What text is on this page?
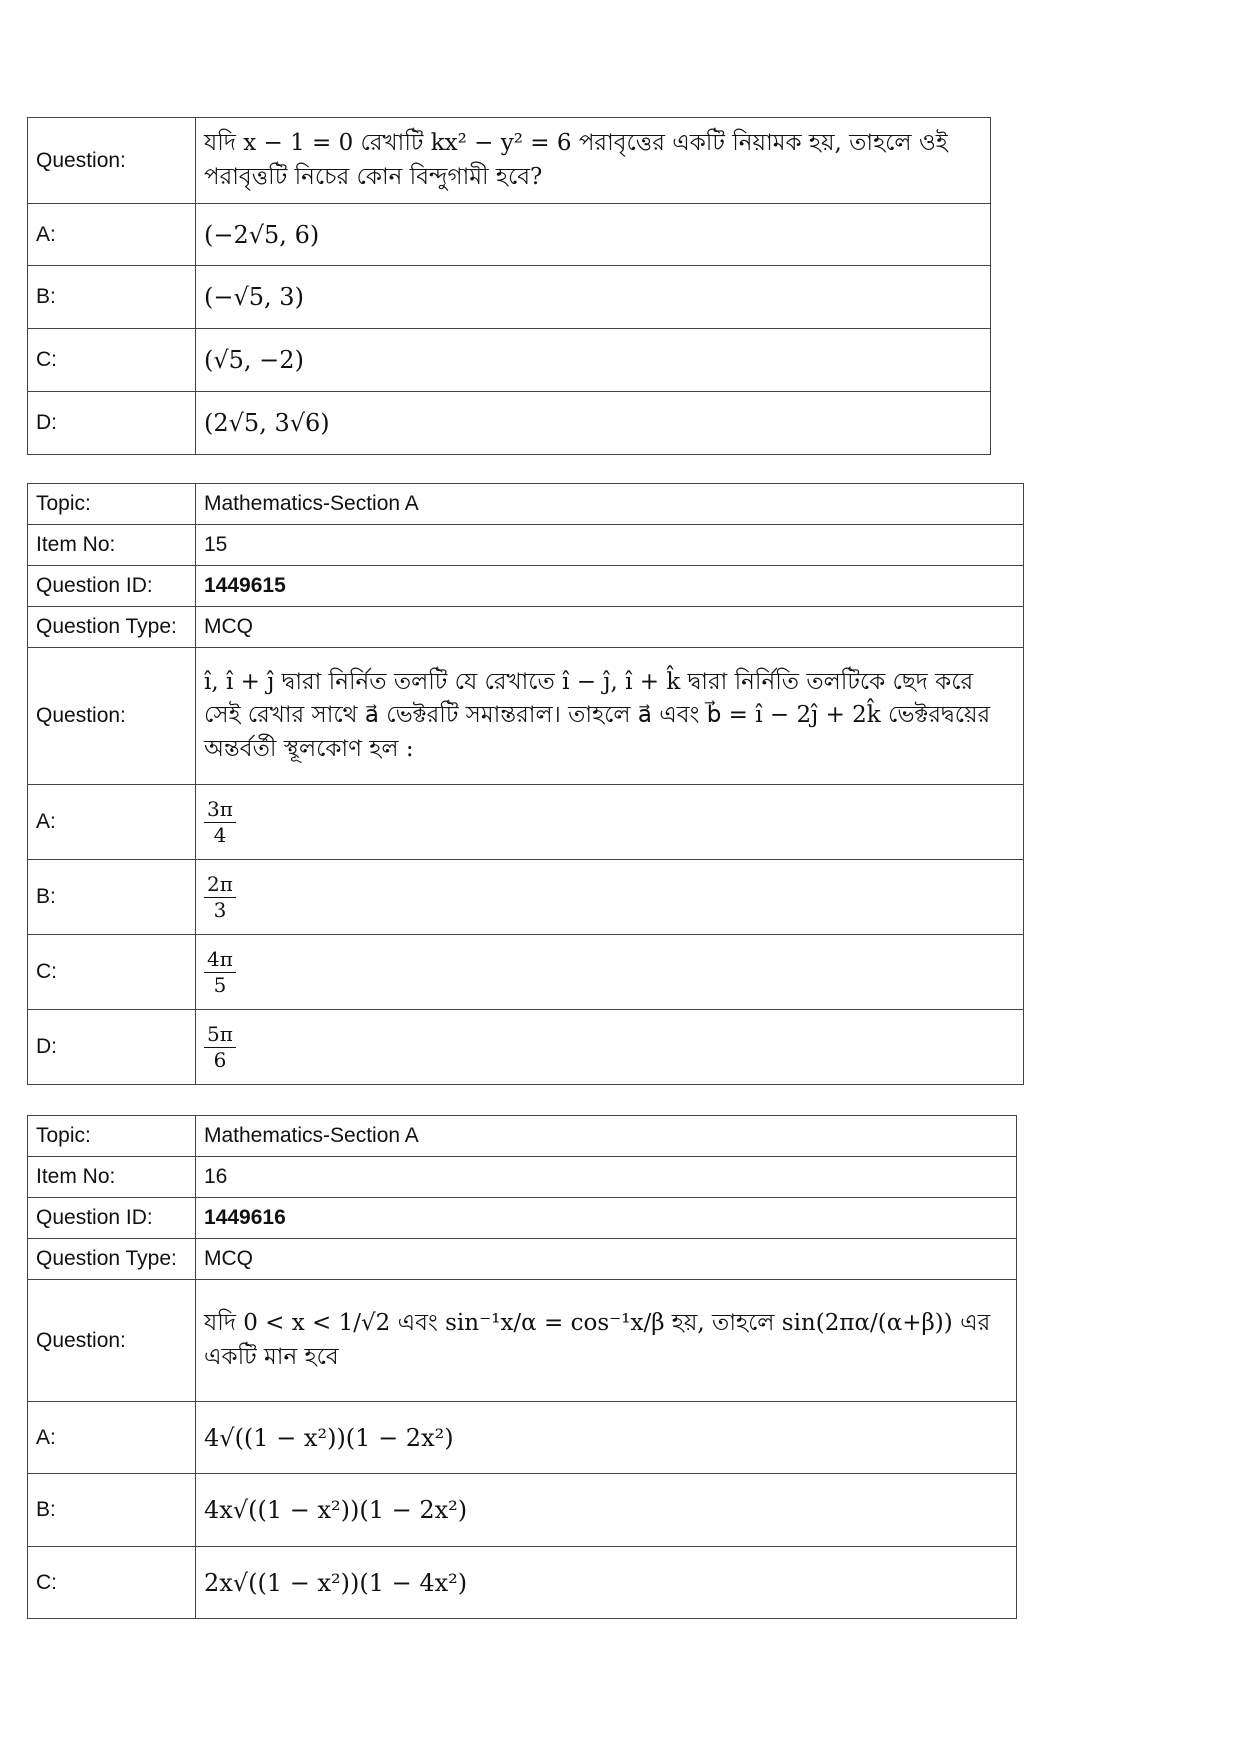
Question:	যদি x − 1 = 0 রেখাটি kx² − y² = 6 পরাবৃত্তের একটি নিয়ামক হয়, তাহলে ওই পরাবৃত্তটি নিচের কোন বিন্দুগামী হবে?
A:	(−2√5, 6)
B:	(−√5, 3)
C:	(√5, −2)
D:	(2√5, 3√6)
Topic:	Mathematics-Section A
Item No:	15
Question ID:	1449615
Question Type:	MCQ
Question:	î, î + ĵ দ্বারা নির্নিত তলটি যে রেখাতে î − ĵ, î + k̂ দ্বারা নির্নিতি তলটিকে ছেদ করে সেই রেখার সাথে a⃗ ভেক্টরটি সমান্তরাল। তাহলে a⃗ এবং b⃗ = î − 2ĵ + 2k̂ ভেক্টরদ্বয়ের অন্তর্বর্তী স্থূলকোণ হল :
A:	$\frac{3\pi}{4}$

B:	$\frac{2\pi}{3}$

C:	$\frac{4\pi}{5}$

D:	$\frac{5\pi}{6}$
Topic:	Mathematics-Section A
Item No:	16
Question ID:	1449616
Question Type:	MCQ
Question:	যদি 0 < x < 1/√2 এবং sin⁻¹x/α = cos⁻¹x/β হয়, তাহলে sin(2πα/(α+β)) এর একটি মান হবে
A:	4√((1 − x²))(1 − 2x²)
B:	4x√((1 − x²))(1 − 2x²)
C:	2x√((1 − x²))(1 − 4x²)
